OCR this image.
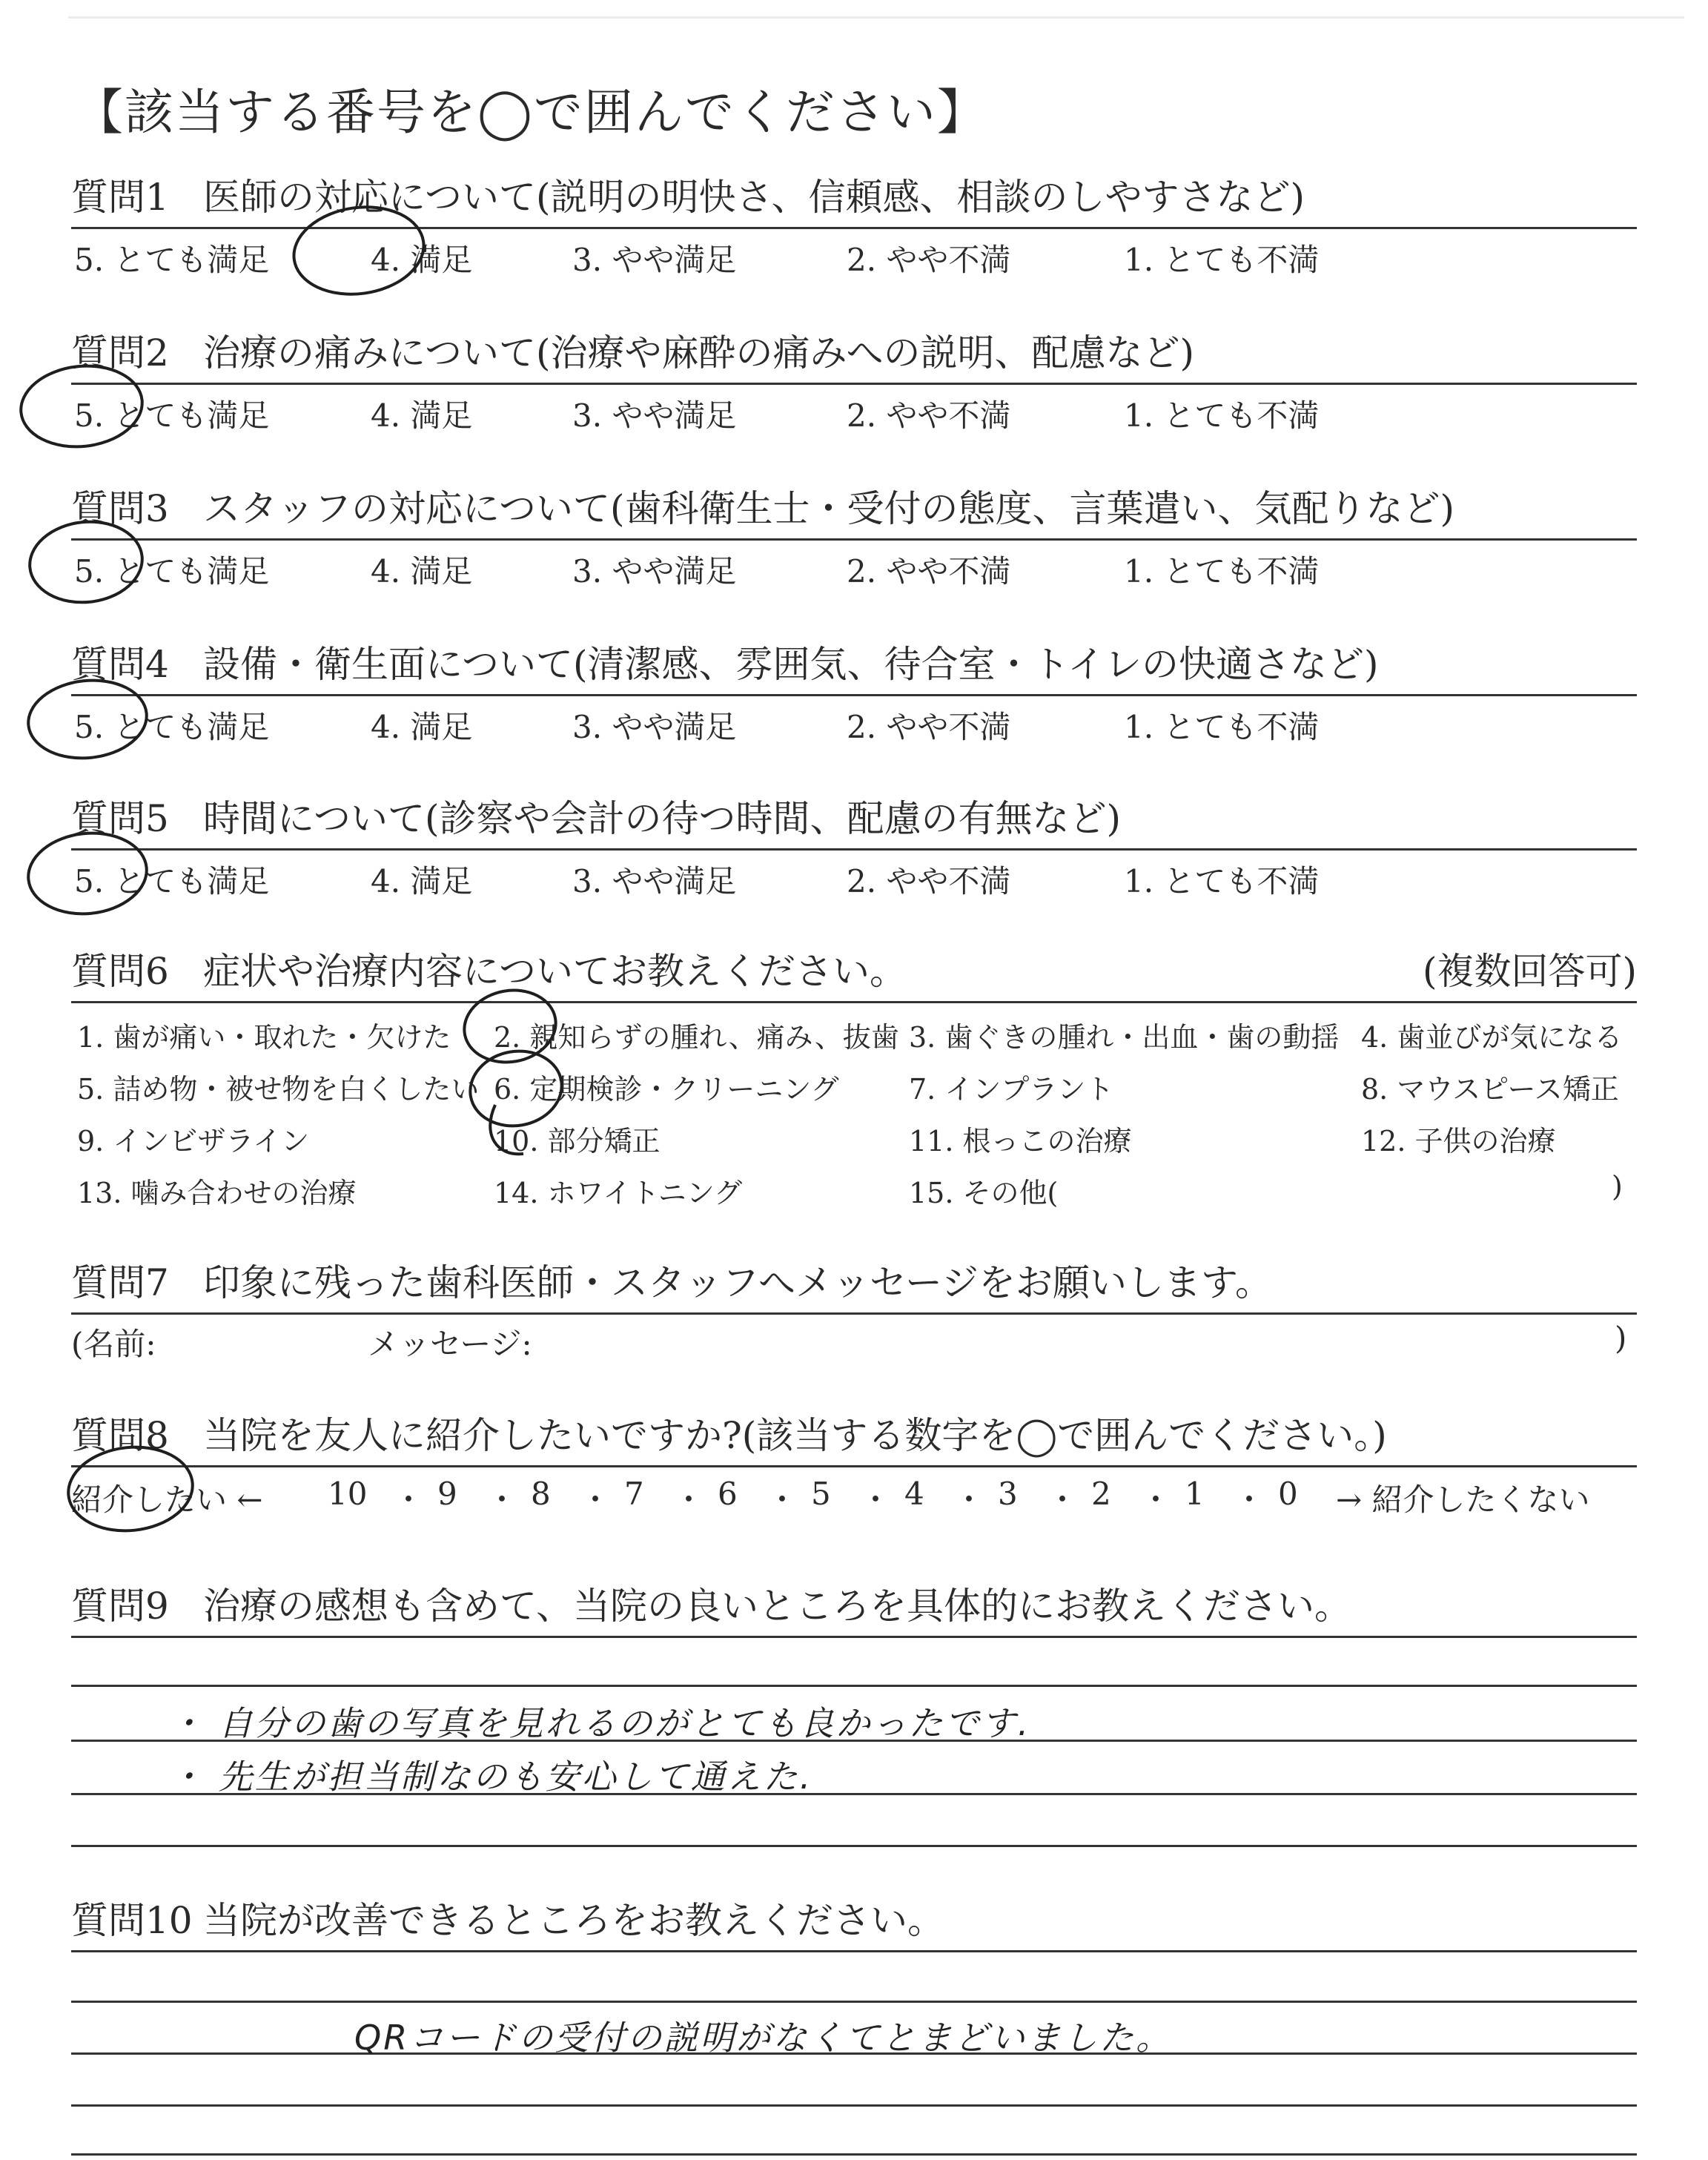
【該当する番号を◯で囲んでください】
質問1 医師の対応について(説明の明快さ、信頼感、相談のしやすさなど)
5. とても満足	4. 満足	3. やや満足	2. やや不満	1. とても不満
質問2 治療の痛みについて(治療や麻酔の痛みへの説明、配慮など)
5. とても満足	4. 満足	3. やや満足	2. やや不満	1. とても不満
質問3 スタッフの対応について(歯科衛生士・受付の態度、言葉遣い、気配りなど)
5. とても満足	4. 満足	3. やや満足	2. やや不満	1. とても不満
質問4 設備・衛生面について(清潔感、雰囲気、待合室・トイレの快適さなど)
5. とても満足	4. 満足	3. やや満足	2. やや不満	1. とても不満
質問5 時間について(診察や会計の待つ時間、配慮の有無など)
5. とても満足	4. 満足	3. やや満足	2. やや不満	1. とても不満
質問6 症状や治療内容についてお教えください。	(複数回答可)
1. 歯が痛い・取れた・欠けた 2. 親知らずの腫れ、痛み、抜歯 3. 歯ぐきの腫れ・出血・歯の動揺 4. 歯並びが気になる
5. 詰め物・被せ物を白くしたい 6. 定期検診・クリーニング 7. インプラント	8. マウスピース矯正
9. インビザライン	10. 部分矯正	11. 根っこの治療	12. 子供の治療
13. 噛み合わせの治療	14. ホワイトニング	15. その他(	)
質問7 印象に残った歯科医師・スタッフへメッセージをお願いします。
(名前:	メッセージ:	)
質問8 当院を友人に紹介したいですか?(該当する数字を◯で囲んでください。)
紹介したい ← 10 ・ 9 ・ 8 ・ 7 ・ 6 ・ 5 ・ 4 ・ 3 ・ 2 ・ 1 ・ 0 → 紹介したくない
質問9 治療の感想も含めて、当院の良いところを具体的にお教えください。
・ 自分の歯の写真を見れるのがとても良かったです.
・ 先生が担当制なのも安心して通えた.
質問10 当院が改善できるところをお教えください。
QRコードの受付の説明がなくてとまどいました。
